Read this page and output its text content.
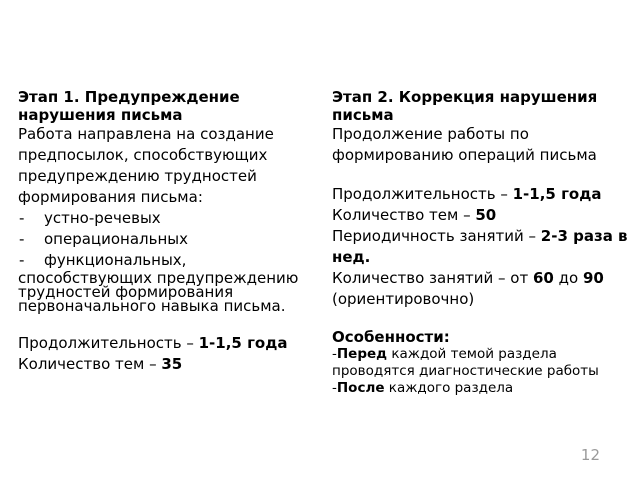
Этап 1. Предупреждение нарушения письма
Работа направлена на создание предпосылок, способствующих предупреждению трудностей формирования письма:
- устно-речевых
- операциональных
- функциональных,
способствующих предупреждению трудностей формирования первоначального навыка письма.
Продолжительность – 1-1,5 года
Количество тем – 35
Этап 2. Коррекция нарушения письма
Продолжение работы по формированию операций письма
Продолжительность – 1-1,5 года
Количество тем – 50
Периодичность занятий – 2-3 раза в нед.
Количество занятий – от 60 до 90
(ориентировочно)
Особенности:
-Перед каждой темой раздела проводятся диагностические работы
-После каждого раздела
12
